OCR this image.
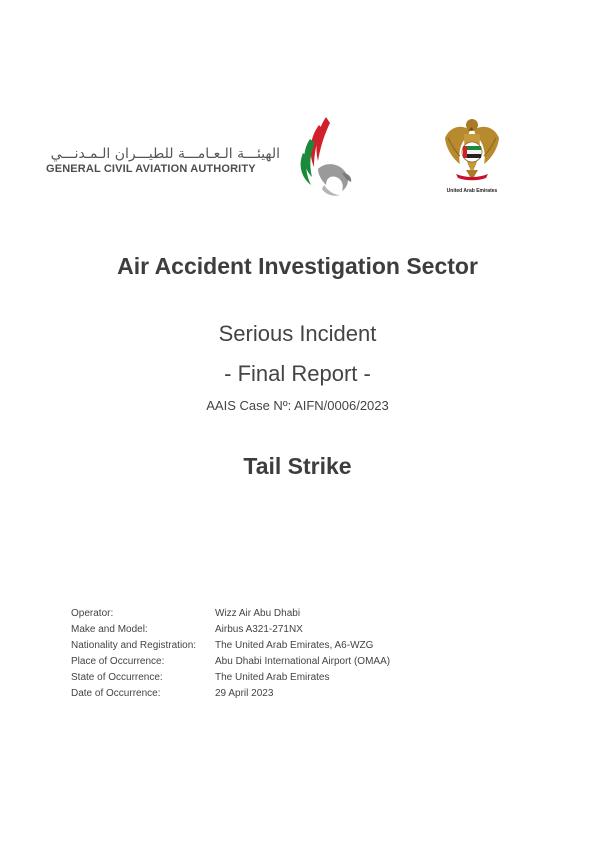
الهيئـــة الـعـامـــة للطيـــران الـمـدنـــي
GENERAL CIVIL AVIATION AUTHORITY
United Arab Emirates
Air Accident Investigation Sector
Serious Incident
- Final Report -
AAIS Case Nº: AIFN/0006/2023
Tail Strike
Operator:	Wizz Air Abu Dhabi
Make and Model:	Airbus A321-271NX
Nationality and Registration: The United Arab Emirates, A6-WZG
Place of Occurrence:	Abu Dhabi International Airport (OMAA)
State of Occurrence:	The United Arab Emirates
Date of Occurrence:	29 April 2023
